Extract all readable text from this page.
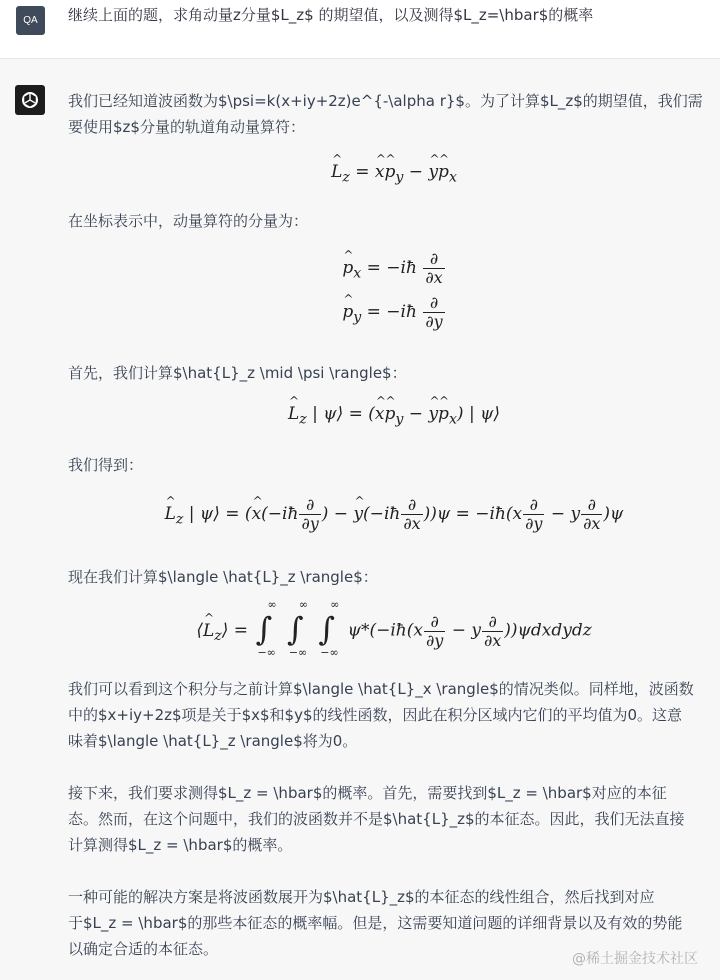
QA 继续上面的题，求角动量z分量$L_z$ 的期望值，以及测得$L_z=\hbar$的概率
我们已经知道波函数为$\psi=k(x+iy+2z)e^{-\alpha r}$。为了计算$L_z$的期望值，我们需
要使用$z$分量的轨道角动量算符：
^ $L_z$ = ^ x^ $p_y$ − ^ y^ $p_x$
在坐标表示中，动量算符的分量为：
^ $p_x$ = −iħ $\frac{\partial}{\partial x}$
^ $p_y$ = −iħ $\frac{\partial}{\partial y}$
首先，我们计算$\hat{L}_z \mid \psi \rangle$：
^ $L_z$ | ψ⟩ = (^ x^ $p_y$ − ^ y^ $p_x$) | ψ⟩
我们得到：
^ $L_z$ | ψ⟩ = (^ x(−iħ $\frac{\partial}{\partial y}$ ) − ^ y(−iħ $\frac{\partial}{\partial x} ))\psi$ = −iħ(x $\frac{\partial}{\partial y} - y \frac{\partial}{\partial x} )\psi$
现在我们计算$\langle \hat{L}_z \rangle$：
⟨^ $L_z⟩$ = ∫
∞
−∞

∫
∞
−∞

∫
∞
−∞
ψ*(−iħ(x $\frac{\partial}{\partial y} - y \frac{\partial}{\partial x}$ ))ψdxdydz
我们可以看到这个积分与之前计算$\langle \hat{L}_x \rangle$的情况类似。同样地，波函数
中的$x+iy+2z$项是关于$x$和$y$的线性函数，因此在积分区域内它们的平均值为0。这意
味着$\langle \hat{L}_z \rangle$将为0。
接下来，我们要求测得$L_z = \hbar$的概率。首先，需要找到$L_z = \hbar$对应的本征
态。然而，在这个问题中，我们的波函数并不是$\hat{L}_z$的本征态。因此，我们无法直接
计算测得$L_z = \hbar$的概率。
一种可能的解决方案是将波函数展开为$\hat{L}_z$的本征态的线性组合，然后找到对应
于$L_z = \hbar$的那些本征态的概率幅。但是，这需要知道问题的详细背景以及有效的势能
以确定合适的本征态。
@稀土掘金技术社区
